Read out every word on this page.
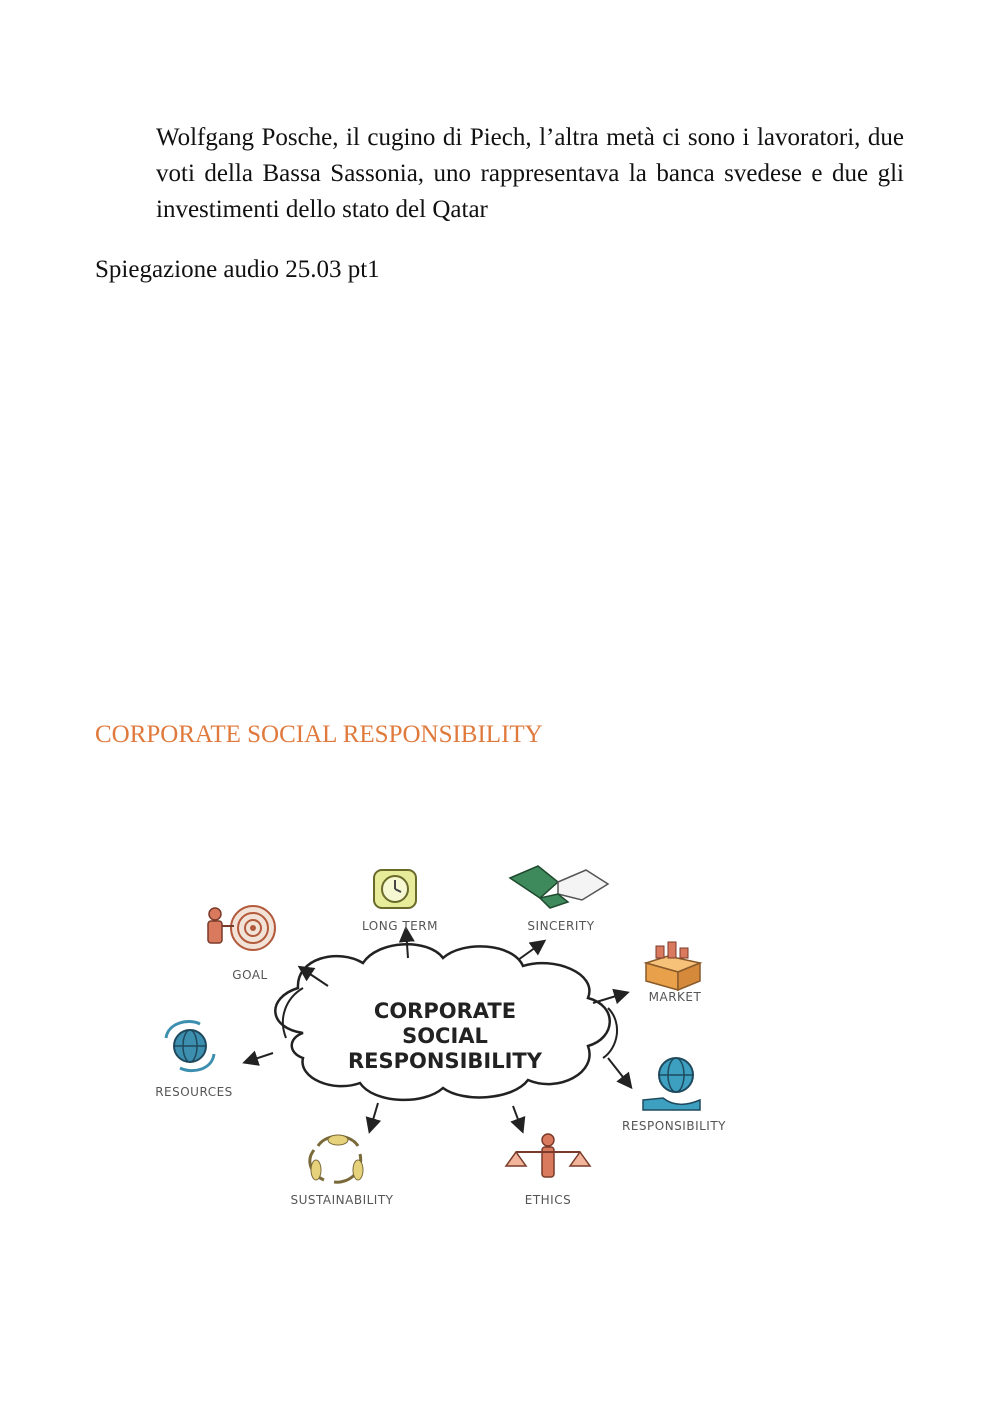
Wolfgang Posche, il cugino di Piech, l’altra metà ci sono i lavoratori, due voti della Bassa Sassonia, uno rappresentava la banca svedese e due gli investimenti dello stato del Qatar

Spiegazione audio 25.03 pt1

CORPORATE SOCIAL RESPONSIBILITY
CORPORATE
SOCIAL
RESPONSIBILITY
GOAL
LONG TERM	SINCERITY
MARKET
RESOURCES
RESPONSIBILITY
SUSTAINABILITY	ETHICS
